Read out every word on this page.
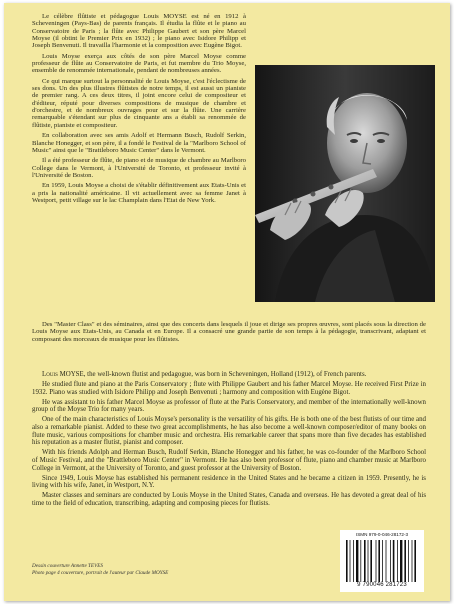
Le célèbre flûtiste et pédagogue Louis MOYSE est né en 1912 à Scheveningen (Pays-Bas) de parents français. Il étudia la flûte et le piano au Conservatoire de Paris ; la flûte avec Philippe Gaubert et son père Marcel Moyse (il obtint le Premier Prix en 1932) ; le piano avec Isidore Philipp et Joseph Benvenuti. Il travailla l'harmonie et la composition avec Eugène Bigot.

Louis Moyse exerça aux côtés de son père Marcel Moyse comme professeur de flûte au Conservatoire de Paris, et fut membre du Trio Moyse, ensemble de renommée internationale, pendant de nombreuses années.

Ce qui marque surtout la personnalité de Louis Moyse, c'est l'éclectisme de ses dons. Un des plus illustres flûtistes de notre temps, il est aussi un pianiste de premier rang. A ces deux titres, il joint encore celui de compositeur et d'éditeur, réputé pour diverses compositions de musique de chambre et d'orchestre, et de nombreux ouvrages pour et sur la flûte. Une carrière remarquable s'étendant sur plus de cinquante ans a établi sa renommée de flûtiste, pianiste et compositeur.

En collaboration avec ses amis Adolf et Hermann Busch, Rudolf Serkin, Blanche Honegger, et son père, il a fondé le Festival de la "Marlboro School of Music" ainsi que le "Brattleboro Music Center" dans le Vermont.

Il a été professeur de flûte, de piano et de musique de chambre au Marlboro College dans le Vermont, à l'Université de Toronto, et professeur invité à l'Université de Boston.

En 1959, Louis Moyse a choisi de s'établir définitivement aux Etats-Unis et a pris la nationalité américaine. Il vit actuellement avec sa femme Janet à Westport, petit village sur le lac Champlain dans l'Etat de New York.

Des "Master Class" et des séminaires, ainsi que des concerts dans lesquels il joue et dirige ses propres œuvres, sont placés sous la direction de Louis Moyse aux Etats-Unis, au Canada et en Europe. Il a consacré une grande partie de son temps à la pédagogie, transcrivant, adaptant et composant des morceaux de musique pour les flûtistes.

Louis MOYSE, the well-known flutist and pedagogue, was born in Scheveningen, Holland (1912), of French parents.

He studied flute and piano at the Paris Conservatory ; flute with Philippe Gaubert and his father Marcel Moyse. He received First Prize in 1932. Piano was studied with Isidore Philipp and Joseph Benvenuti ; harmony and composition with Eugène Bigot.

He was assistant to his father Marcel Moyse as professor of flute at the Paris Conservatory, and member of the internationally well-known group of the Moyse Trio for many years.

One of the main characteristics of Louis Moyse's personality is the versatility of his gifts. He is both one of the best flutists of our time and also a remarkable pianist. Added to these two great accomplishments, he has also become a well-known composer/editor of many books on flute music, various compositions for chamber music and orchestra. His remarkable career that spans more than five decades has established his reputation as a master flutist, pianist and composer.

With his friends Adolph and Herman Busch, Rudolf Serkin, Blanche Honegger and his father, he was co-founder of the Marlboro School of Music Festival, and the "Brattleboro Music Center" in Vermont. He has also been professor of flute, piano and chamber music at Marlboro College in Vermont, at the University of Toronto, and guest professor at the University of Boston.

Since 1949, Louis Moyse has established his permanent residence in the United States and he became a citizen in 1959. Presently, he is living with his wife, Janet, in Westport, N.Y.

Master classes and seminars are conducted by Louis Moyse in the United States, Canada and overseas. He has devoted a great deal of his time to the field of education, transcribing, adapting and composing pieces for flutists.

Dessin couverture Annette TEVES
Photo page 4 couverture, portrait de l'auteur par Claude MOYSE
ISMN 979-0-046-28172-3
9 790046 281723
